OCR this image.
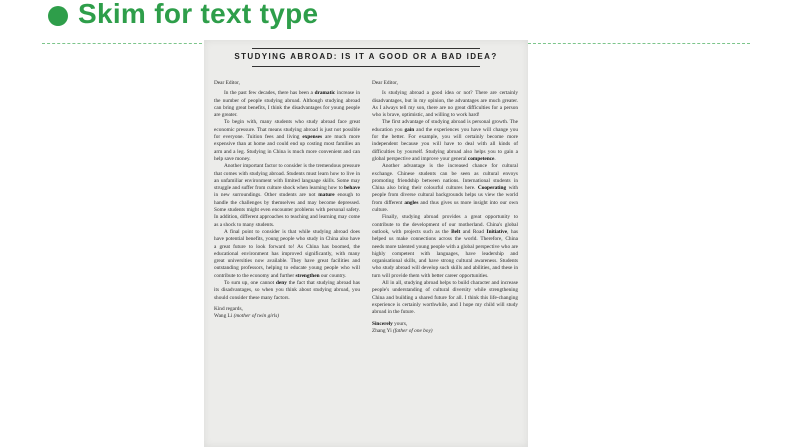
Skim for text type
STUDYING ABROAD: IS IT A GOOD OR A BAD IDEA?
Dear Editor,

In the past few decades, there has been a dramatic increase in the number of people studying abroad. Although studying abroad can bring great benefits, I think the disadvantages for young people are greater.

To begin with, many students who study abroad face great economic pressure. That means studying abroad is just not possible for everyone. Tuition fees and living expenses are much more expensive than at home and could end up costing most families an arm and a leg. Studying in China is much more convenient and can help save money.

Another important factor to consider is the tremendous pressure that comes with studying abroad. Students must learn how to live in an unfamiliar environment with limited language skills. Some may struggle and suffer from culture shock when learning how to behave in new surroundings. Other students are not mature enough to handle the challenges by themselves and may become depressed. Some students might even encounter problems with personal safety. In addition, different approaches to teaching and learning may come as a shock to many students.

A final point to consider is that while studying abroad does have potential benefits, young people who study in China also have a great future to look forward to! As China has boomed, the educational environment has improved significantly, with many great universities now available. They have great facilities and outstanding professors, helping to educate young people who will contribute to the economy and further strengthen our country.

To sum up, one cannot deny the fact that studying abroad has its disadvantages, so when you think about studying abroad, you should consider these many factors.

Kind regards,
Wang Li (mother of twin girls)
Dear Editor,

Is studying abroad a good idea or not? There are certainly disadvantages, but in my opinion, the advantages are much greater. As I always tell my son, there are no great difficulties for a person who is brave, optimistic, and willing to work hard!

The first advantage of studying abroad is personal growth. The education you gain and the experiences you have will change you for the better. For example, you will certainly become more independent because you will have to deal with all kinds of difficulties by yourself. Studying abroad also helps you to gain a global perspective and improve your general competence.

Another advantage is the increased chance for cultural exchange. Chinese students can be seen as cultural envoys promoting friendship between nations. International students in China also bring their colourful cultures here. Cooperating with people from diverse cultural backgrounds helps us view the world from different angles and thus gives us more insight into our own culture.

Finally, studying abroad provides a great opportunity to contribute to the development of our motherland. China's global outlook, with projects such as the Belt and Road Initiative, has helped us make connections across the world. Therefore, China needs more talented young people with a global perspective who are highly competent with languages, have leadership and organisational skills, and have strong cultural awareness. Students who study abroad will develop such skills and abilities, and these in turn will provide them with better career opportunities.

All in all, studying abroad helps to build character and increase people's understanding of cultural diversity while strengthening China and building a shared future for all. I think this life-changing experience is certainly worthwhile, and I hope my child will study abroad in the future.

Sincerely yours,
Zhang Yi (father of one boy)
